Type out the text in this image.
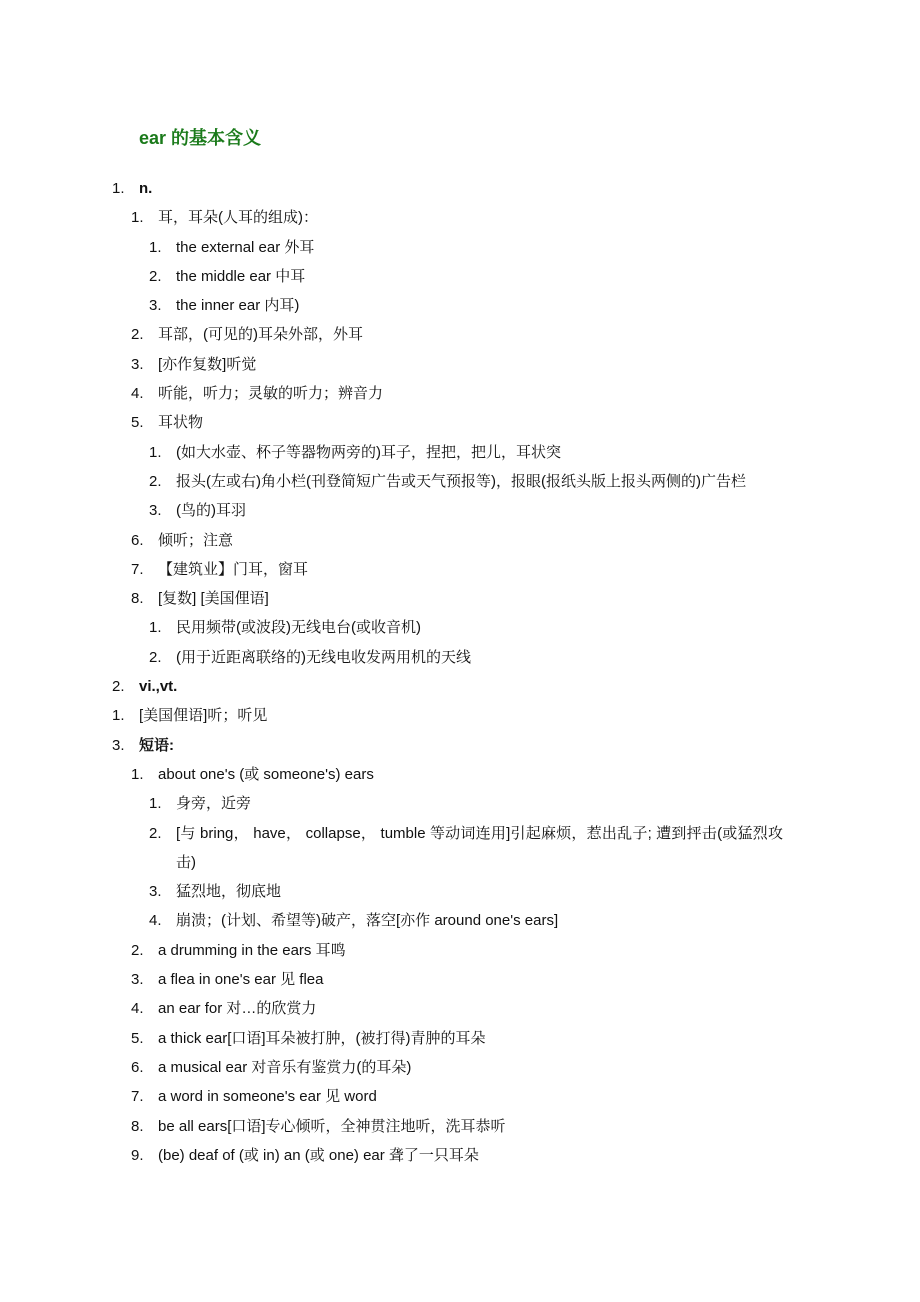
ear 的基本含义
1. n.
1. 耳，耳朵(人耳的组成)：
1. the external ear 外耳
2. the middle ear 中耳
3. the inner ear 内耳)
2. 耳部，(可见的)耳朵外部，外耳
3. [亦作复数]听觉
4. 听能，听力；灵敏的听力；辨音力
5. 耳状物
1. (如大水壶、杯子等器物两旁的)耳子，捏把，把儿，耳状突
2. 报头(左或右)角小栏(刊登简短广告或天气预报等)，报眼(报纸头版上报头两侧的)广告栏
3. (鸟的)耳羽
6. 倾听；注意
7. 【建筑业】门耳，窗耳
8. [复数] [美国俚语]
1. 民用频带(或波段)无线电台(或收音机)
2. (用于近距离联络的)无线电收发两用机的天线
2. vi.,vt.
1. [美国俚语]听；听见
3. 短语:
1. about one's (或 someone's) ears
1. 身旁，近旁
2. [与 bring， have， collapse， tumble 等动词连用]引起麻烦，惹出乱子; 遭到抨击(或猛烈攻击)
3. 猛烈地，彻底地
4. 崩溃；(计划、希望等)破产，落空[亦作 around one's ears]
2. a drumming in the ears 耳鸣
3. a flea in one's ear 见 flea
4. an ear for 对…的欣赏力
5. a thick ear[口语]耳朵被打肿，(被打得)青肿的耳朵
6. a musical ear 对音乐有鉴赏力(的耳朵)
7. a word in someone's ear 见 word
8. be all ears[口语]专心倾听，全神贯注地听，洗耳恭听
9. (be) deaf of (或 in) an (或 one) ear 聋了一只耳朵
